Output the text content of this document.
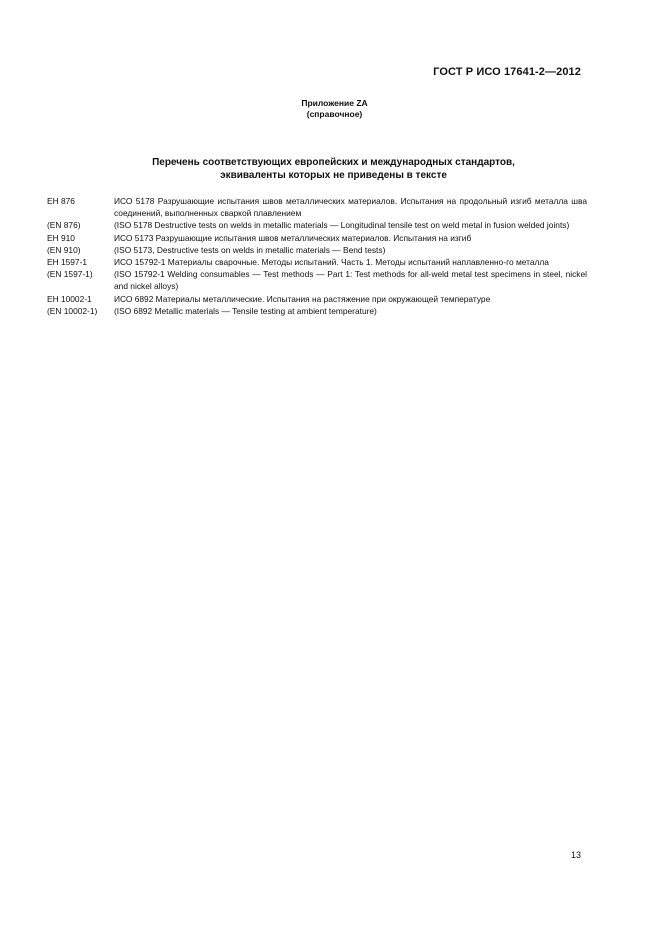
ГОСТ Р ИСО 17641-2—2012
Приложение ZA
(справочное)
Перечень соответствующих европейских и международных стандартов,
эквиваленты которых не приведены в тексте
ЕН 876	ИСО 5178 Разрушающие испытания швов металлических материалов. Испытания на продольный изгиб металла шва соединений, выполненных сваркой плавлением
(EN 876)	(ISO 5178 Destructive tests on welds in metallic materials — Longitudinal tensile test on weld metal in fusion welded joints)
ЕН 910	ИСО 5173 Разрушающие испытания швов металлических материалов. Испытания на изгиб
(EN 910)	(ISO 5173, Destructive tests on welds in metallic materials — Bend tests)
ЕН 1597-1	ИСО 15792-1 Материалы сварочные. Методы испытаний. Часть 1. Методы испытаний наплавленно-го металла
(EN 1597-1)	(ISO 15792-1 Welding consumables — Test methods — Part 1: Test methods for all-weld metal test specimens in steel, nickel and nickel alloys)
ЕН 10002-1	ИСО 6892 Материалы металлические. Испытания на растяжение при окружающей температуре
(EN 10002-1)	(ISO 6892 Metallic materials — Tensile testing at ambient temperature)
13
